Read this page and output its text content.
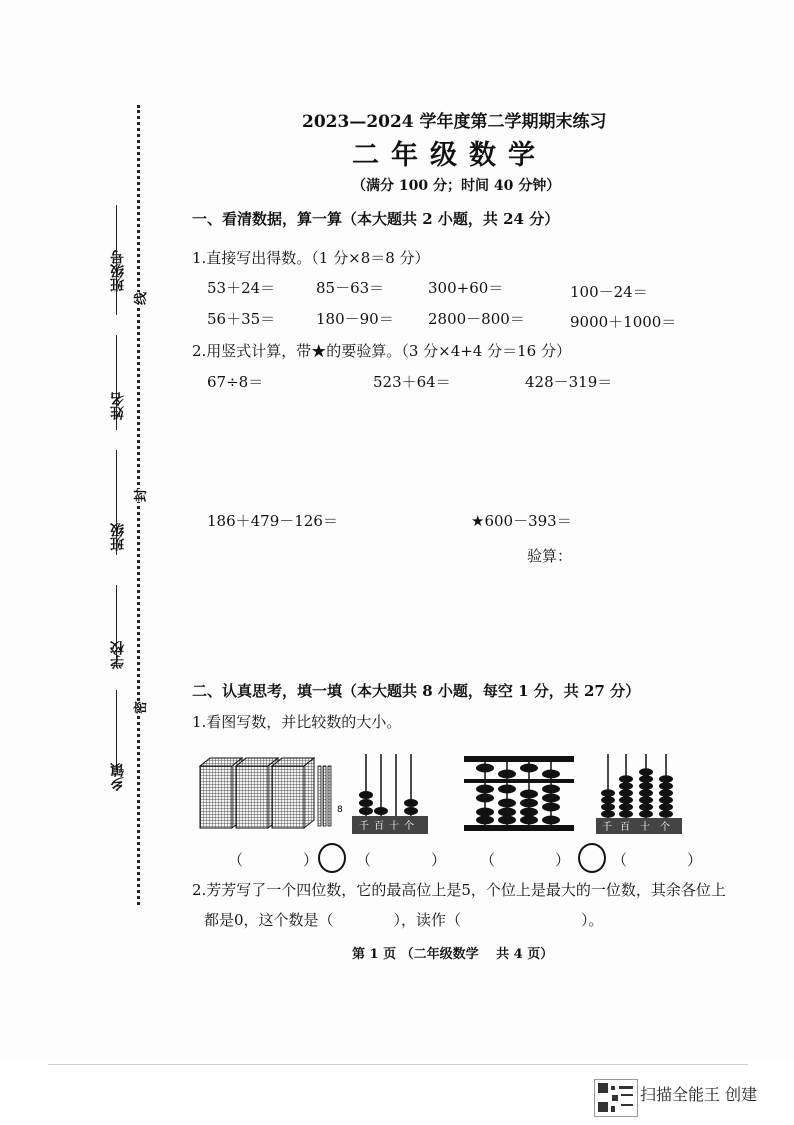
班级号
姓名
班级
学校
乡镇
线
封
密
2023—2024 学年度第二学期期末练习
二年级数学
（满分 100 分；时间 40 分钟）
一、看清数据，算一算（本大题共 2 小题，共 24 分）
1.直接写出得数。（1 分×8＝8 分）
53＋24＝	85－63＝	300+60＝	100－24＝
56＋35＝	180－90＝ 2800－800＝	9000＋1000＝
2.用竖式计算，带★的要验算。（3 分×4+4 分＝16 分）
67÷8＝	523＋64＝	428－319＝
186＋479－126＝	★600－393＝
验算：
二、认真思考，填一填（本大题共 8 小题，每空 1 分，共 27 分）
1.看图写数，并比较数的大小。
8
千 百 十 个	千 百 十 个
（　　　　）	（　　　　） （　　　　）	（　　　　）
2.芳芳写了一个四位数，它的最高位上是5，个位上是最大的一位数，其余各位上
都是0，这个数是（　　　　），读作（　　　　　　　　）。
第 1 页 （二年级数学　 共 4 页）
扫描全能王 创建
